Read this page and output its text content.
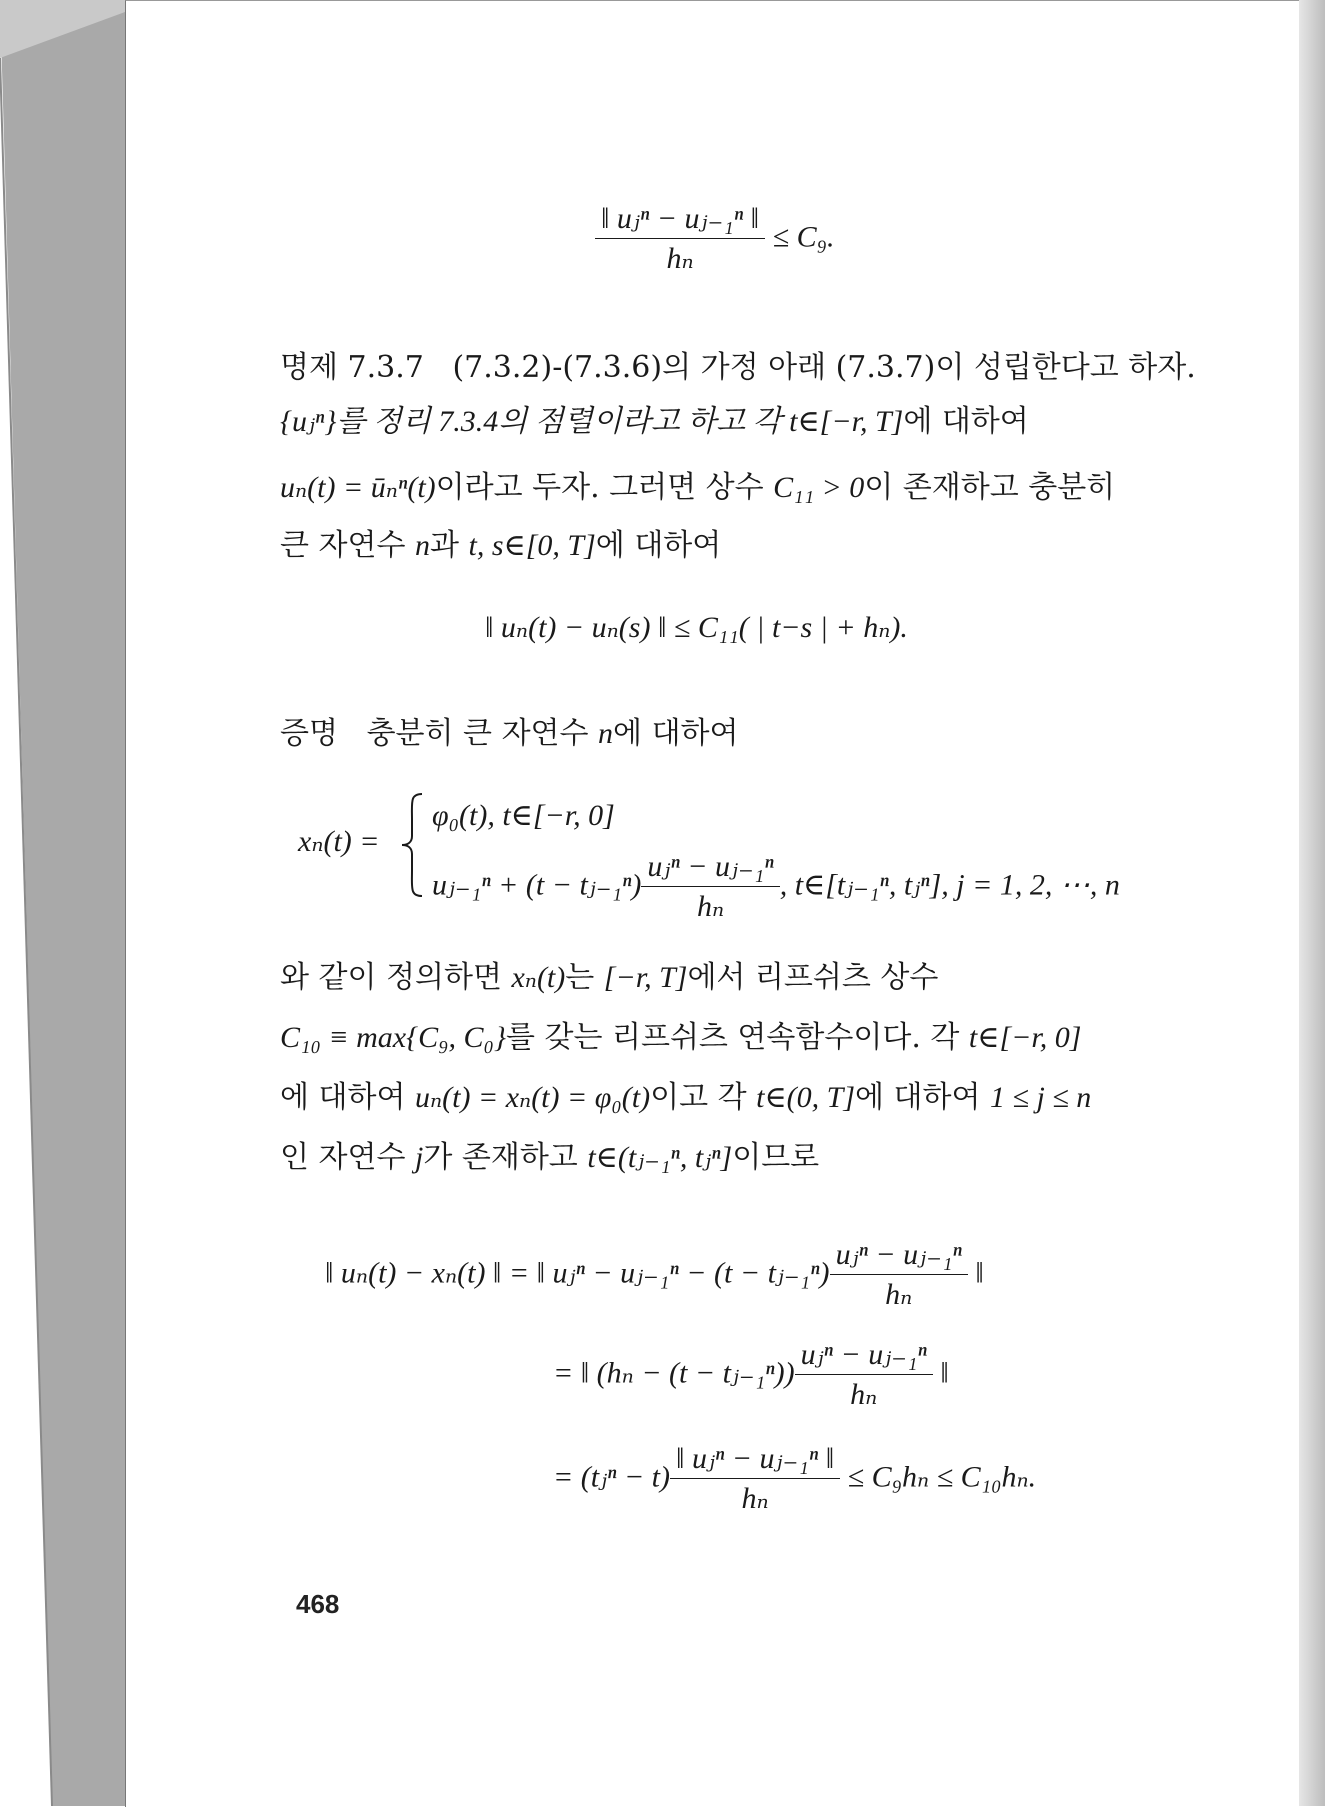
$\frac{\text{‖ uⱼⁿ − uⱼ₋₁ⁿ ‖}}{\text{hₙ}} \le C_9$.
명제 7.3.7 (7.3.2)-(7.3.6)의 가정 아래 (7.3.7)이 성립한다고 하자.
{uⱼⁿ}를 정리 7.3.4의 점렬이라고 하고 각 t∈[−r, T]에 대하여
uₙ(t) = ūₙⁿ(t)이라고 두자. 그러면 상수 C₁₁ > 0이 존재하고 충분히
큰 자연수 n과 t, s∈[0, T]에 대하여
‖ uₙ(t) − uₙ(s) ‖ ≤ C₁₁( | t−s | + hₙ).
증명 충분히 큰 자연수 n에 대하여
xₙ(t) =
φ₀(t), t∈[−r, 0]
uⱼ₋₁ⁿ + (t − tⱼ₋₁ⁿ) $\frac{\text{uⱼⁿ − uⱼ₋₁ⁿ}}{\text{hₙ}}$ , t∈[tⱼ₋₁ⁿ, tⱼⁿ], j = 1, 2, ⋯, n
와 같이 정의하면 xₙ(t)는 [−r, T]에서 리프쉬츠 상수
C₁₀ ≡ max{C₉, C₀}를 갖는 리프쉬츠 연속함수이다. 각 t∈[−r, 0]
에 대하여 uₙ(t) = xₙ(t) = φ₀(t)이고 각 t∈(0, T]에 대하여 1 ≤ j ≤ n
인 자연수 j가 존재하고 t∈(tⱼ₋₁ⁿ, tⱼⁿ]이므로
‖ uₙ(t) − xₙ(t) ‖ = ‖ uⱼⁿ − uⱼ₋₁ⁿ − (t − tⱼ₋₁ⁿ) $\frac{\text{uⱼⁿ − uⱼ₋₁ⁿ}}{\text{hₙ}}$ ‖
= ‖ (hₙ − (t − tⱼ₋₁ⁿ)) $\frac{\text{uⱼⁿ − uⱼ₋₁ⁿ}}{\text{hₙ}}$ ‖
= (tⱼⁿ − $t) \frac{\text{‖ uⱼⁿ − uⱼ₋₁ⁿ ‖}}{\text{hₙ}} \le C_9h_n \le C_{10}h_n$.
468
